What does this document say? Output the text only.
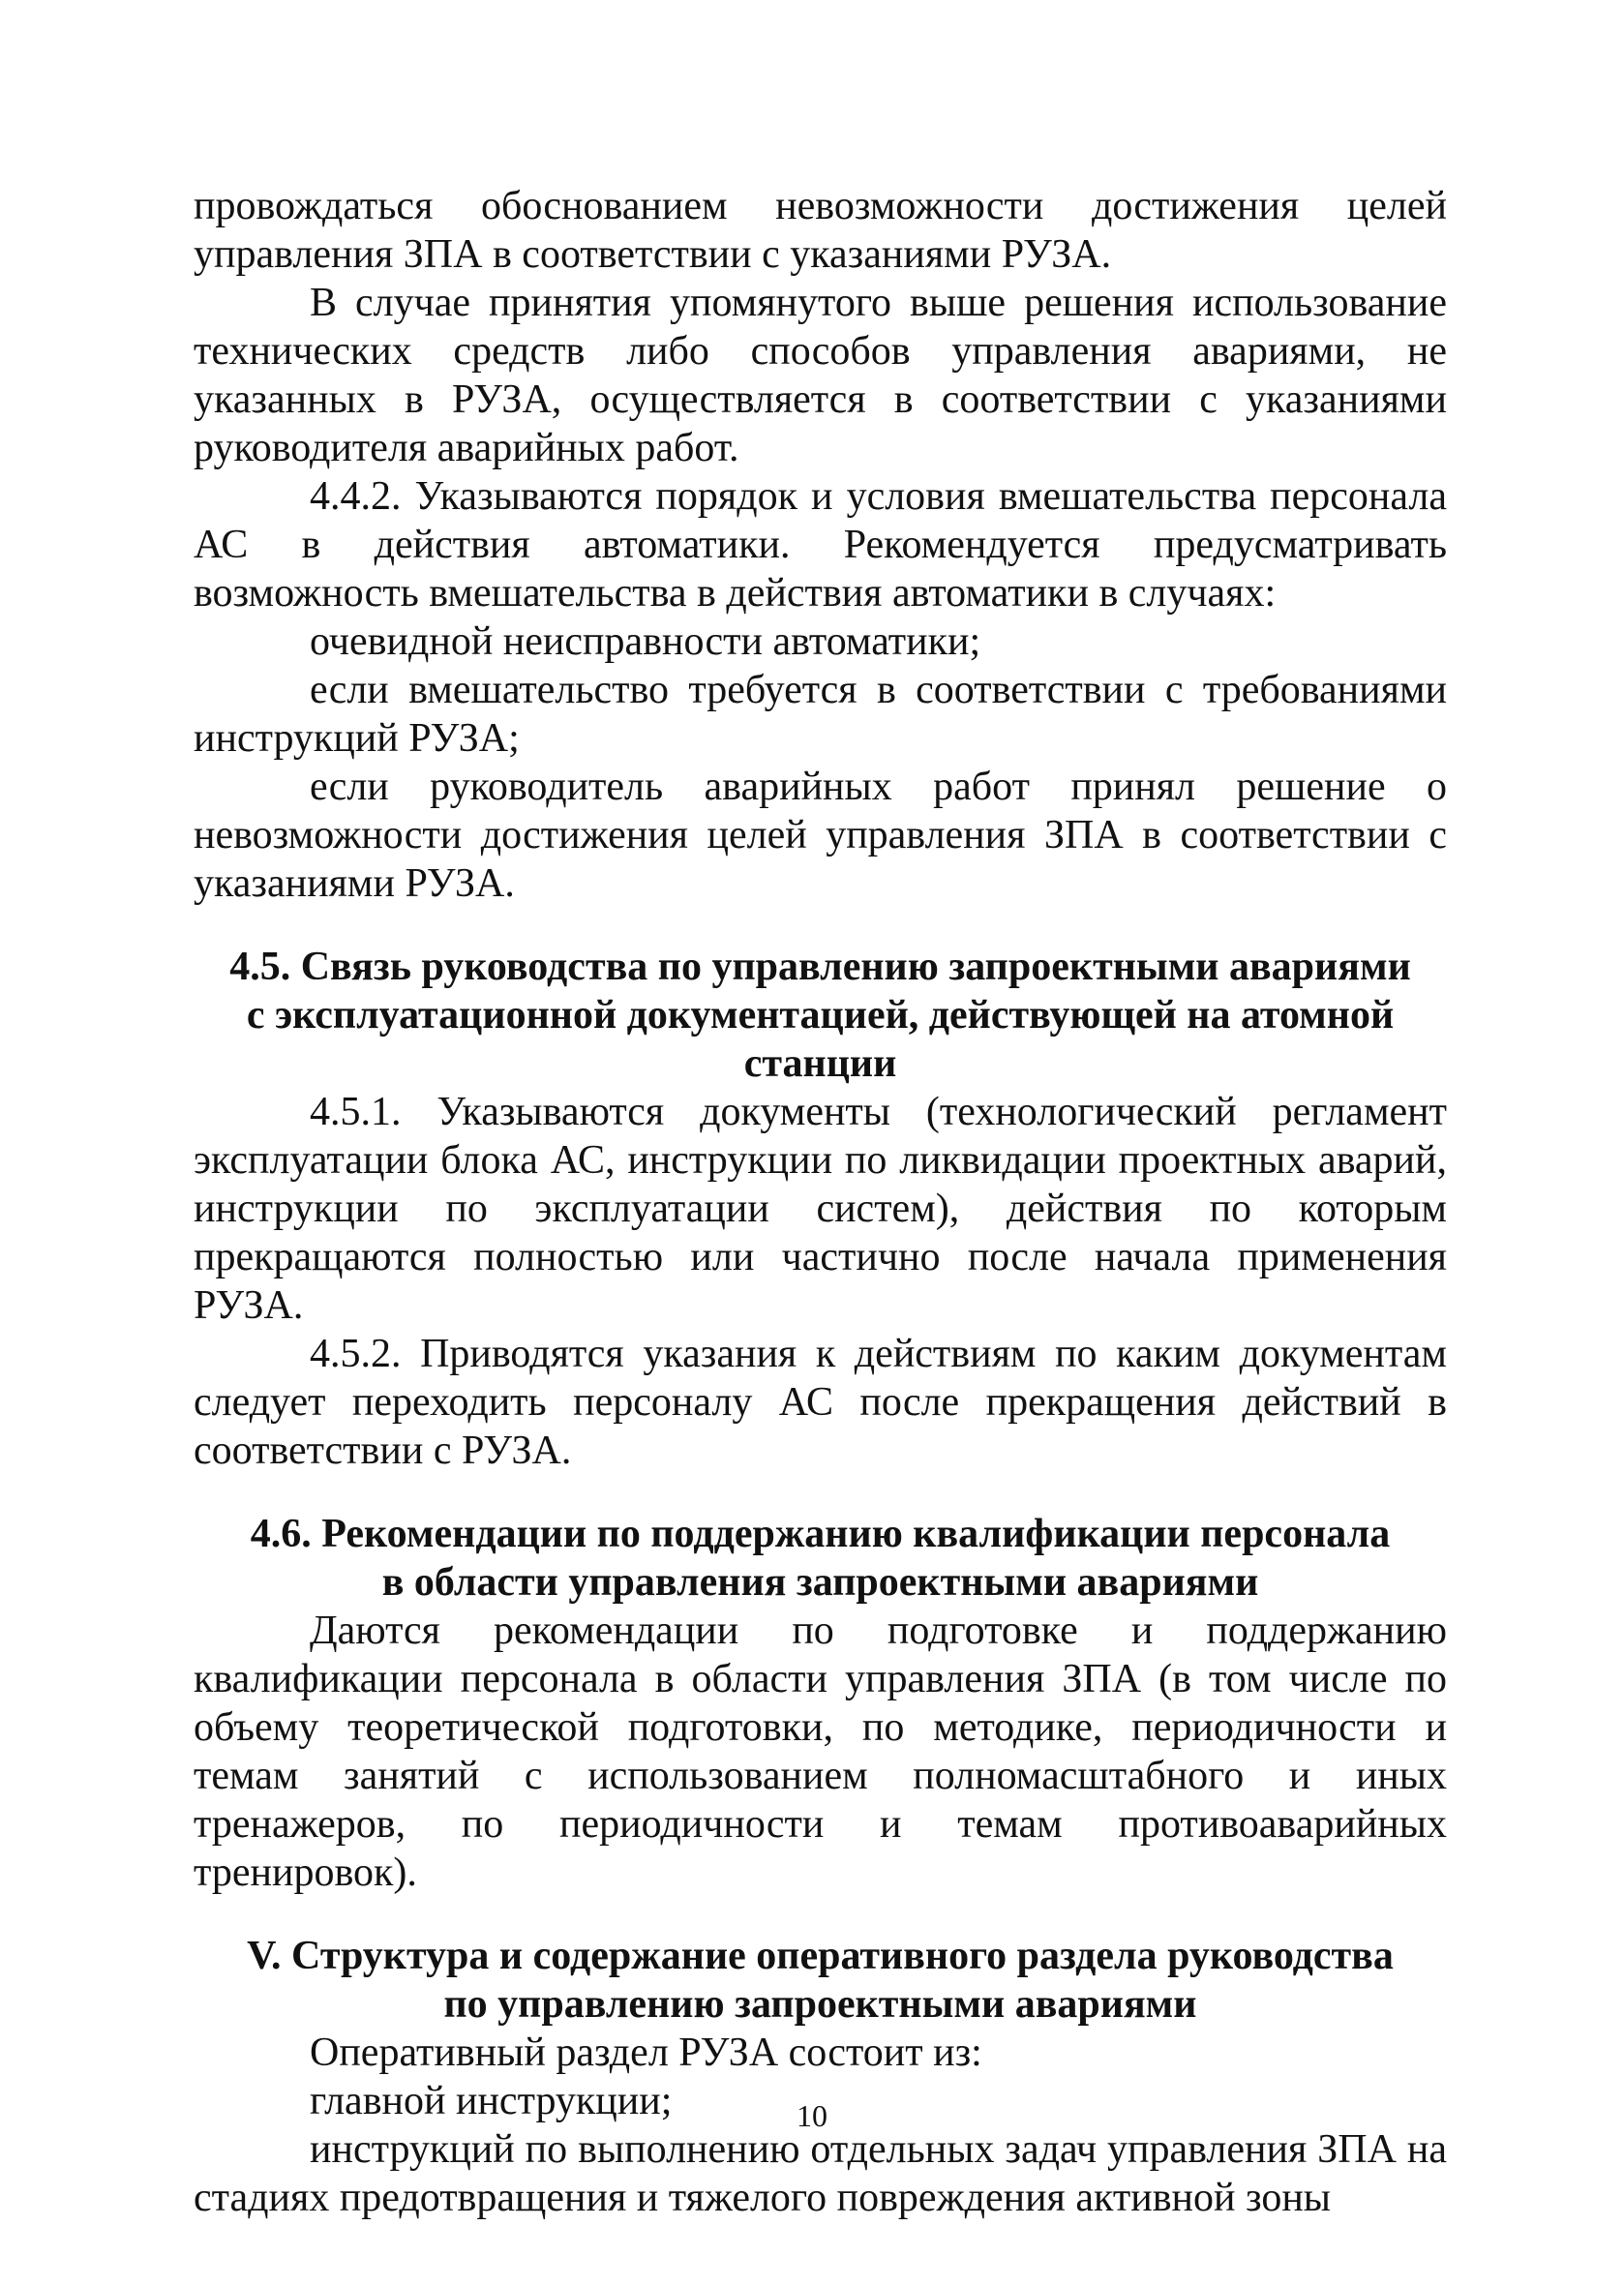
провождаться обоснованием невозможности достижения целей управления ЗПА в соответствии с указаниями РУЗА.

В случае принятия упомянутого выше решения использование технических средств либо способов управления авариями, не указанных в РУЗА, осуществляется в соответствии с указаниями руководителя аварийных работ.

4.4.2. Указываются порядок и условия вмешательства персонала АС в действия автоматики. Рекомендуется предусматривать возможность вмешательства в действия автоматики в случаях:

очевидной неисправности автоматики;

если вмешательство требуется в соответствии с требованиями инструкций РУЗА;

если руководитель аварийных работ принял решение о невозможности достижения целей управления ЗПА в соответствии с указаниями РУЗА.

4.5. Связь руководства по управлению запроектными авариями
с эксплуатационной документацией, действующей на атомной
станции

4.5.1. Указываются документы (технологический регламент эксплуатации блока АС, инструкции по ликвидации проектных аварий, инструкции по эксплуатации систем), действия по которым прекращаются полностью или частично после начала применения РУЗА.

4.5.2. Приводятся указания к действиям по каким документам следует переходить персоналу АС после прекращения действий в соответствии с РУЗА.

4.6. Рекомендации по поддержанию квалификации персонала
в области управления запроектными авариями

Даются рекомендации по подготовке и поддержанию квалификации персонала в области управления ЗПА (в том числе по объему теоретической подготовки, по методике, периодичности и темам занятий с использованием полномасштабного и иных тренажеров, по периодичности и темам противоаварийных тренировок).

V. Структура и содержание оперативного раздела руководства
по управлению запроектными авариями

Оперативный раздел РУЗА состоит из:

главной инструкции;

инструкций по выполнению отдельных задач управления ЗПА на стадиях предотвращения и тяжелого повреждения активной зоны

10
